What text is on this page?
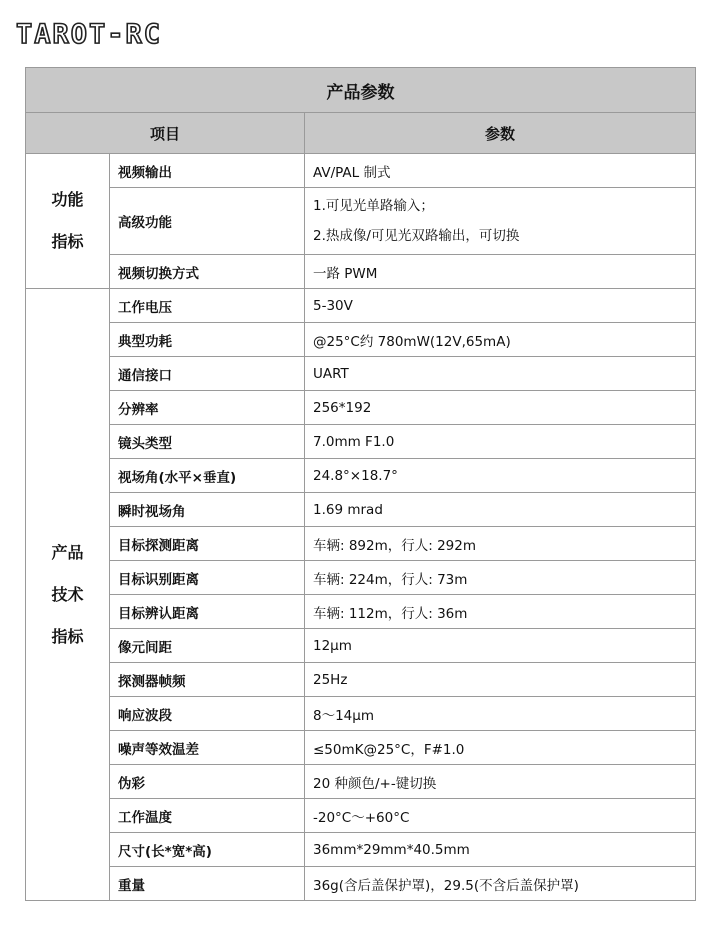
TAROT-RC
产品参数		
项目		参数

功能
指标	视频输出	AV/PAL 制式
	高级功能	1.可见光单路输入；
2.热成像/可见光双路输出，可切换

	视频切换方式	一路 PWM

产品
技术
指标	工作电压	5-30V
	典型功耗	@25°C约 780mW(12V,65mA)
	通信接口	UART
	分辨率	256*192
	镜头类型	7.0mm F1.0
	视场角(水平×垂直)	24.8°×18.7°
	瞬时视场角	1.69 mrad
	目标探测距离	车辆: 892m，行人: 292m
	目标识别距离	车辆: 224m，行人: 73m
	目标辨认距离	车辆: 112m，行人: 36m
	像元间距	12μm
	探测器帧频	25Hz
	响应波段	8～14μm
	噪声等效温差	≤50mK@25°C，F#1.0
	伪彩	20 种颜色/+-键切换
	工作温度	-20°C～+60°C
	尺寸(长*宽*高)	36mm*29mm*40.5mm
	重量	36g(含后盖保护罩)，29.5(不含后盖保护罩)
